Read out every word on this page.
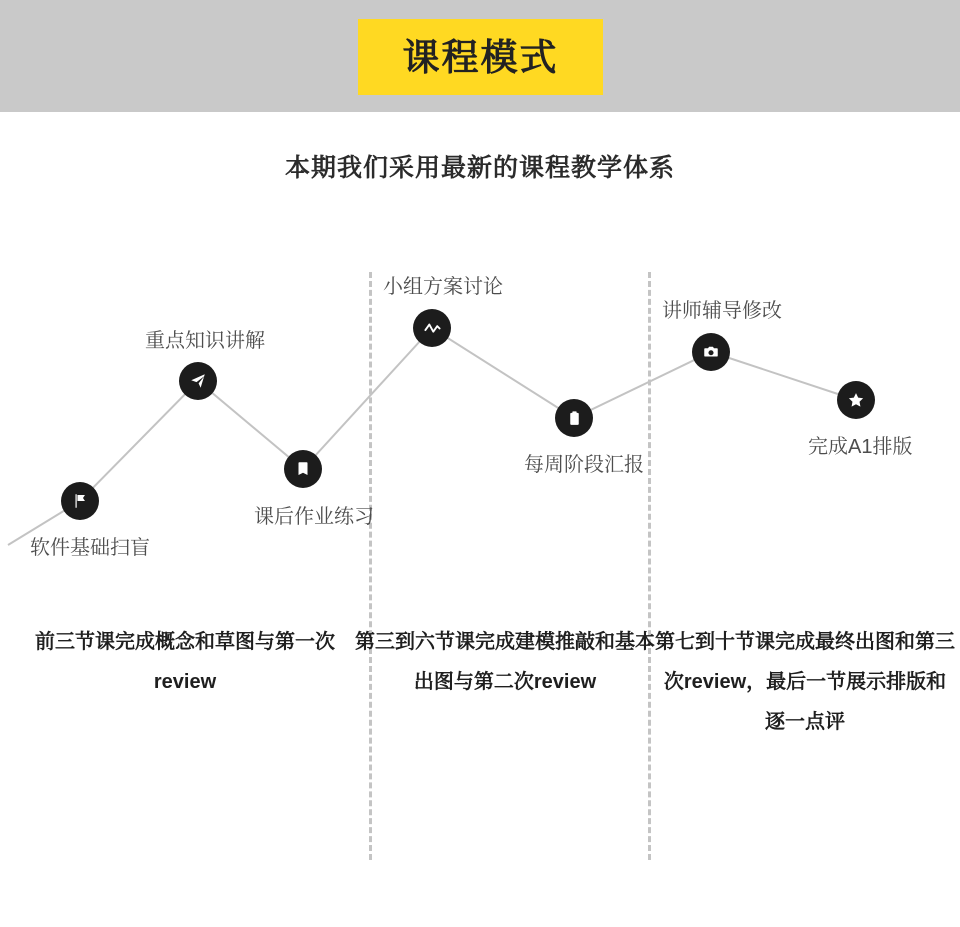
课程模式
本期我们采用最新的课程教学体系
软件基础扫盲
重点知识讲解
课后作业练习
小组方案讨论
每周阶段汇报
讲师辅导修改
完成A1排版
前三节课完成概念和草图与第一次review
第三到六节课完成建模推敲和基本出图与第二次review
第七到十节课完成最终出图和第三次review，最后一节展示排版和逐一点评
